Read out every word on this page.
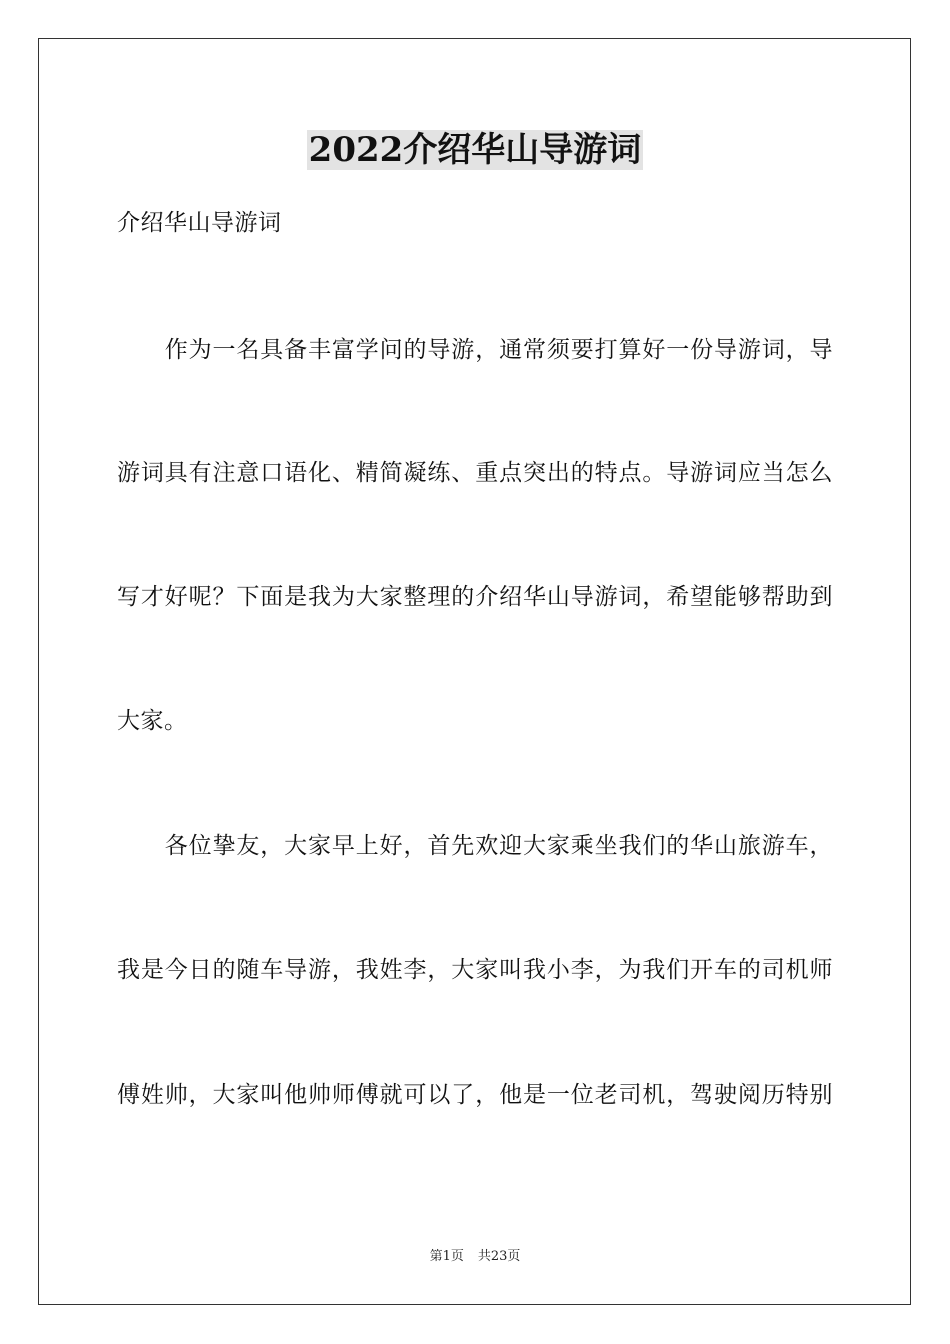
2022介绍华山导游词
介绍华山导游词
　　作为一名具备丰富学问的导游，通常须要打算好一份导游词，导
游词具有注意口语化、精简凝练、重点突出的特点。导游词应当怎么
写才好呢？下面是我为大家整理的介绍华山导游词，希望能够帮助到
大家。
　　各位挚友，大家早上好，首先欢迎大家乘坐我们的华山旅游车，
我是今日的随车导游，我姓李，大家叫我小李，为我们开车的司机师
傅姓帅，大家叫他帅师傅就可以了，他是一位老司机，驾驶阅历特别
第1页 共23页
